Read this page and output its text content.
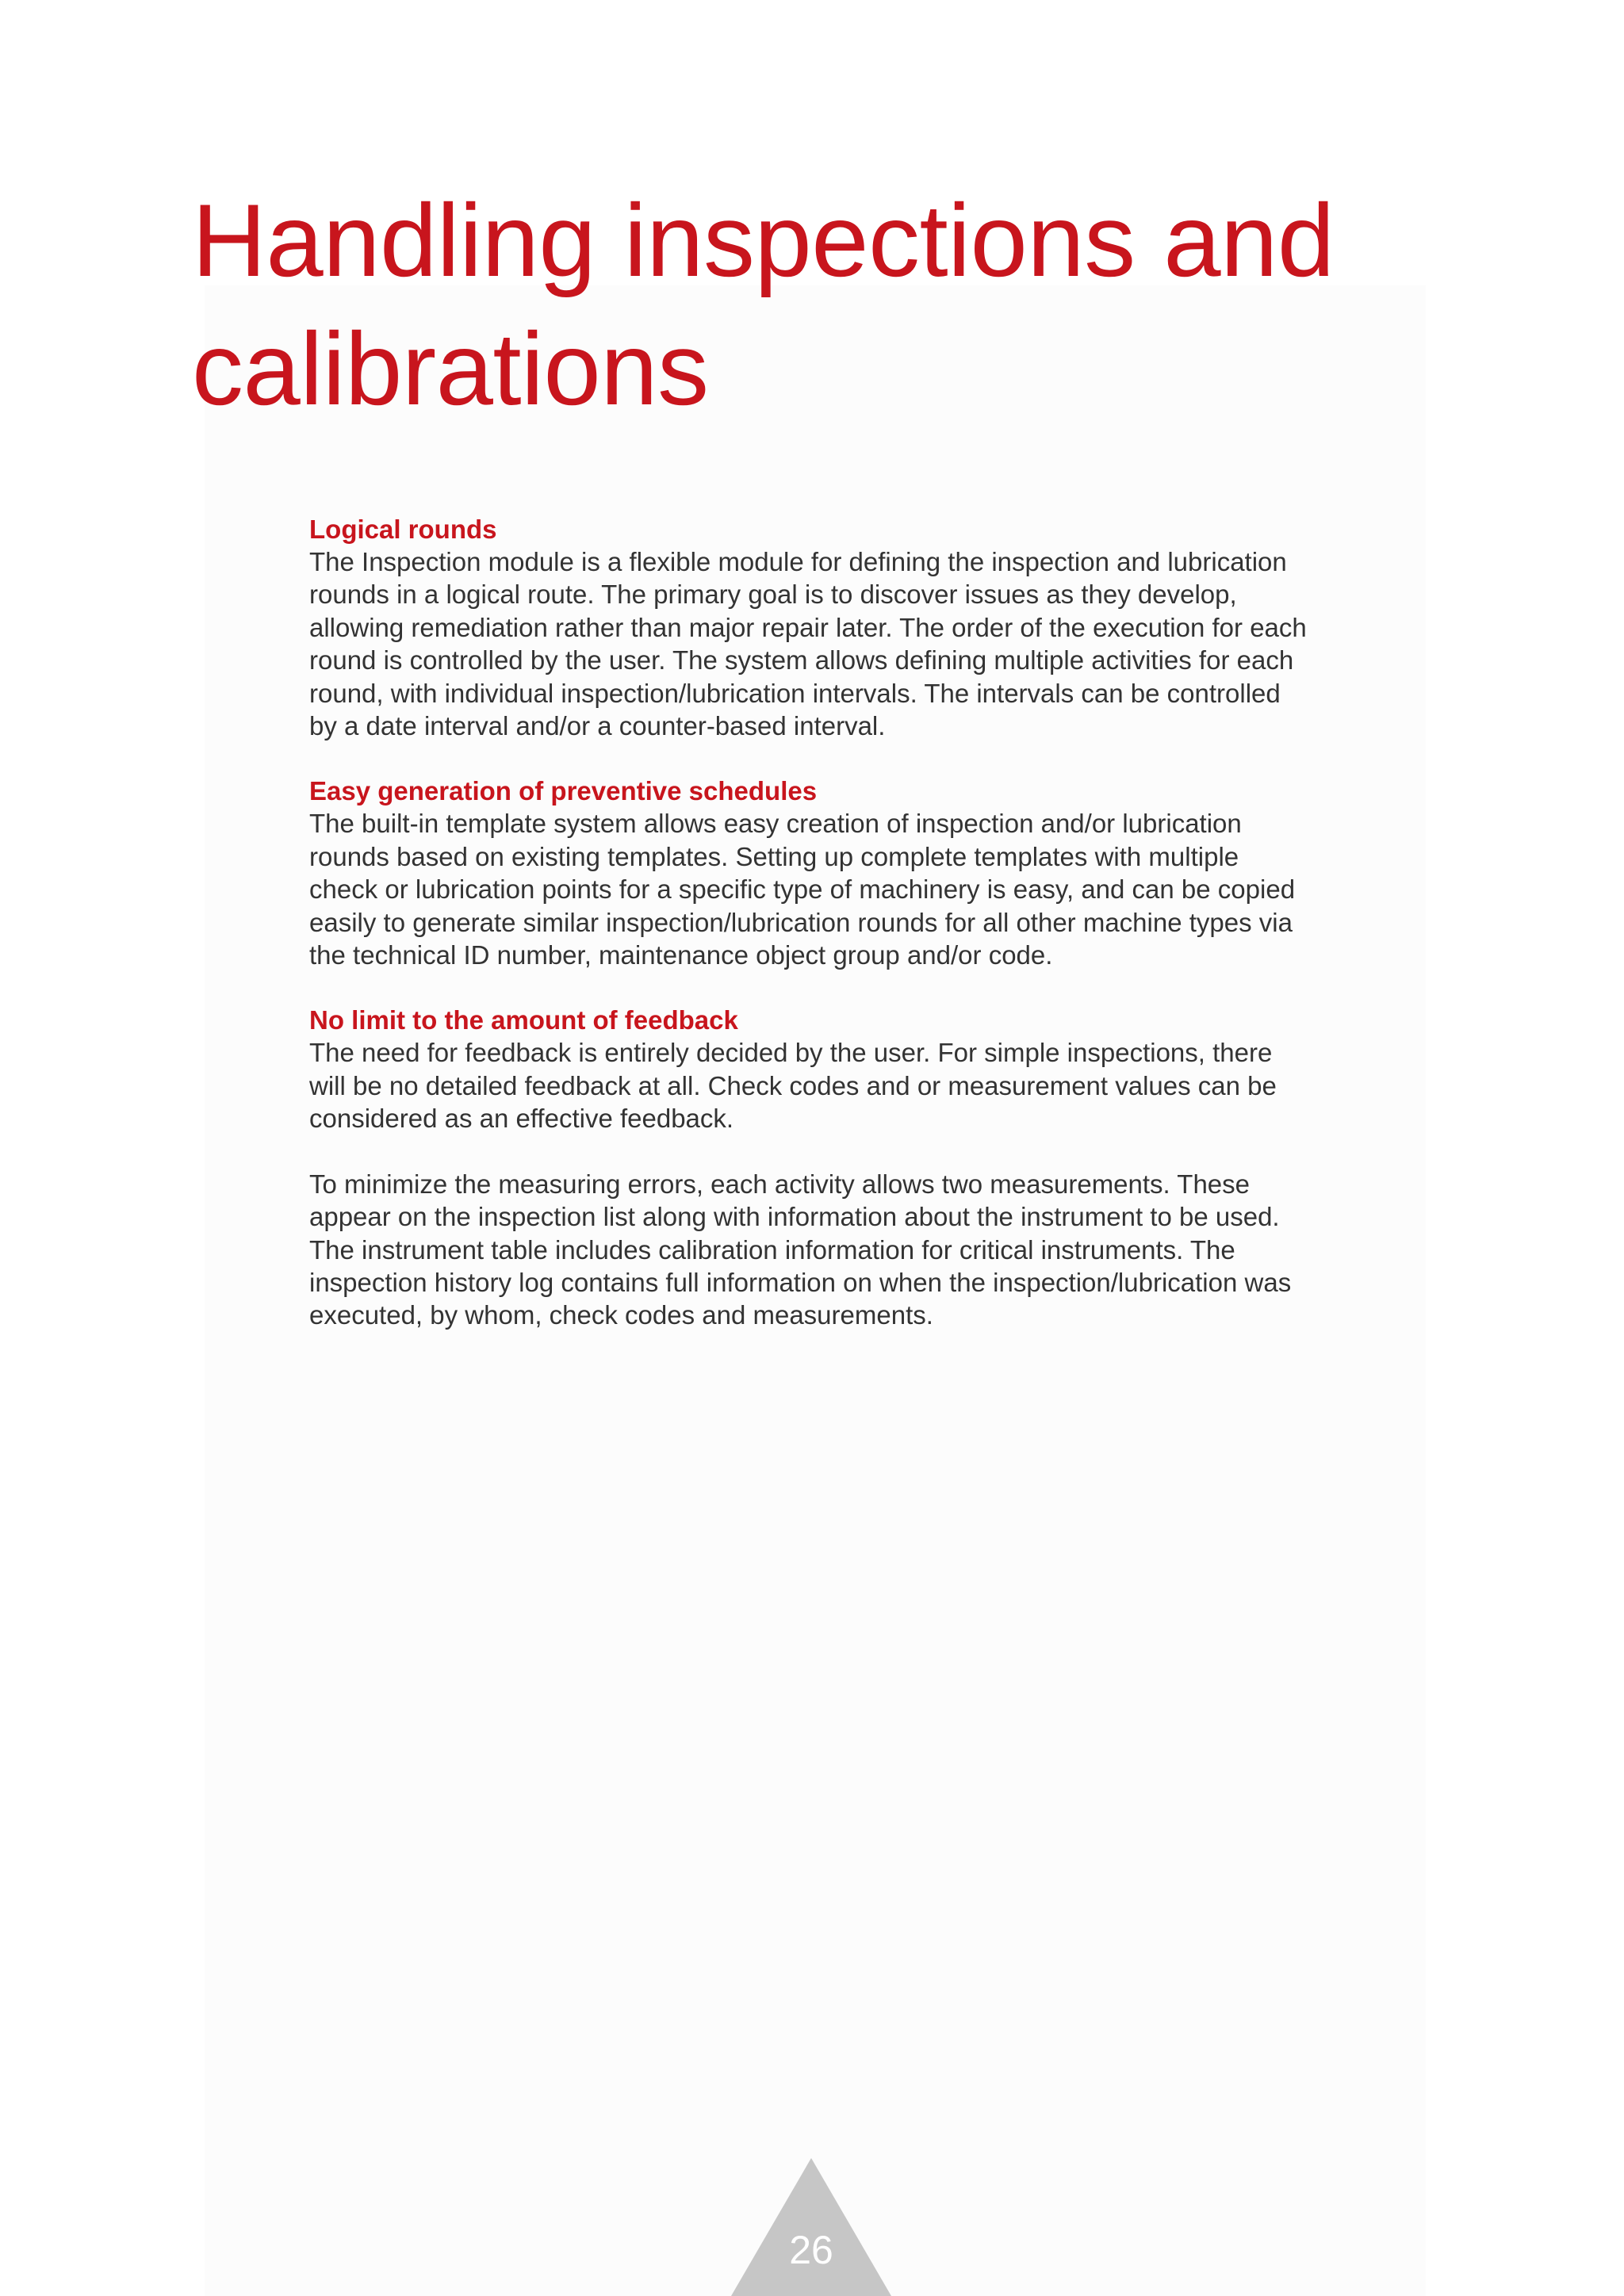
Handling inspections and calibrations
Logical rounds

The Inspection module is a flexible module for defining the inspection and lubrication
rounds in a logical route. The primary goal is to discover issues as they develop,
allowing remediation rather than major repair later. The order of the execution for each
round is controlled by the user. The system allows defining multiple activities for each
round, with individual inspection/lubrication intervals. The intervals can be controlled
by a date interval and/or a counter-based interval.

Easy generation of preventive schedules

The built-in template system allows easy creation of inspection and/or lubrication
rounds based on existing templates. Setting up complete templates with multiple
check or lubrication points for a specific type of machinery is easy, and can be copied
easily to generate similar inspection/lubrication rounds for all other machine types via
the technical ID number, maintenance object group and/or code.

No limit to the amount of feedback

The need for feedback is entirely decided by the user. For simple inspections, there
will be no detailed feedback at all. Check codes and or measurement values can be
considered as an effective feedback.

To minimize the measuring errors, each activity allows two measurements. These
appear on the inspection list along with information about the instrument to be used.
The instrument table includes calibration information for critical instruments. The
inspection history log contains full information on when the inspection/lubrication was
executed, by whom, check codes and measurements.

26
